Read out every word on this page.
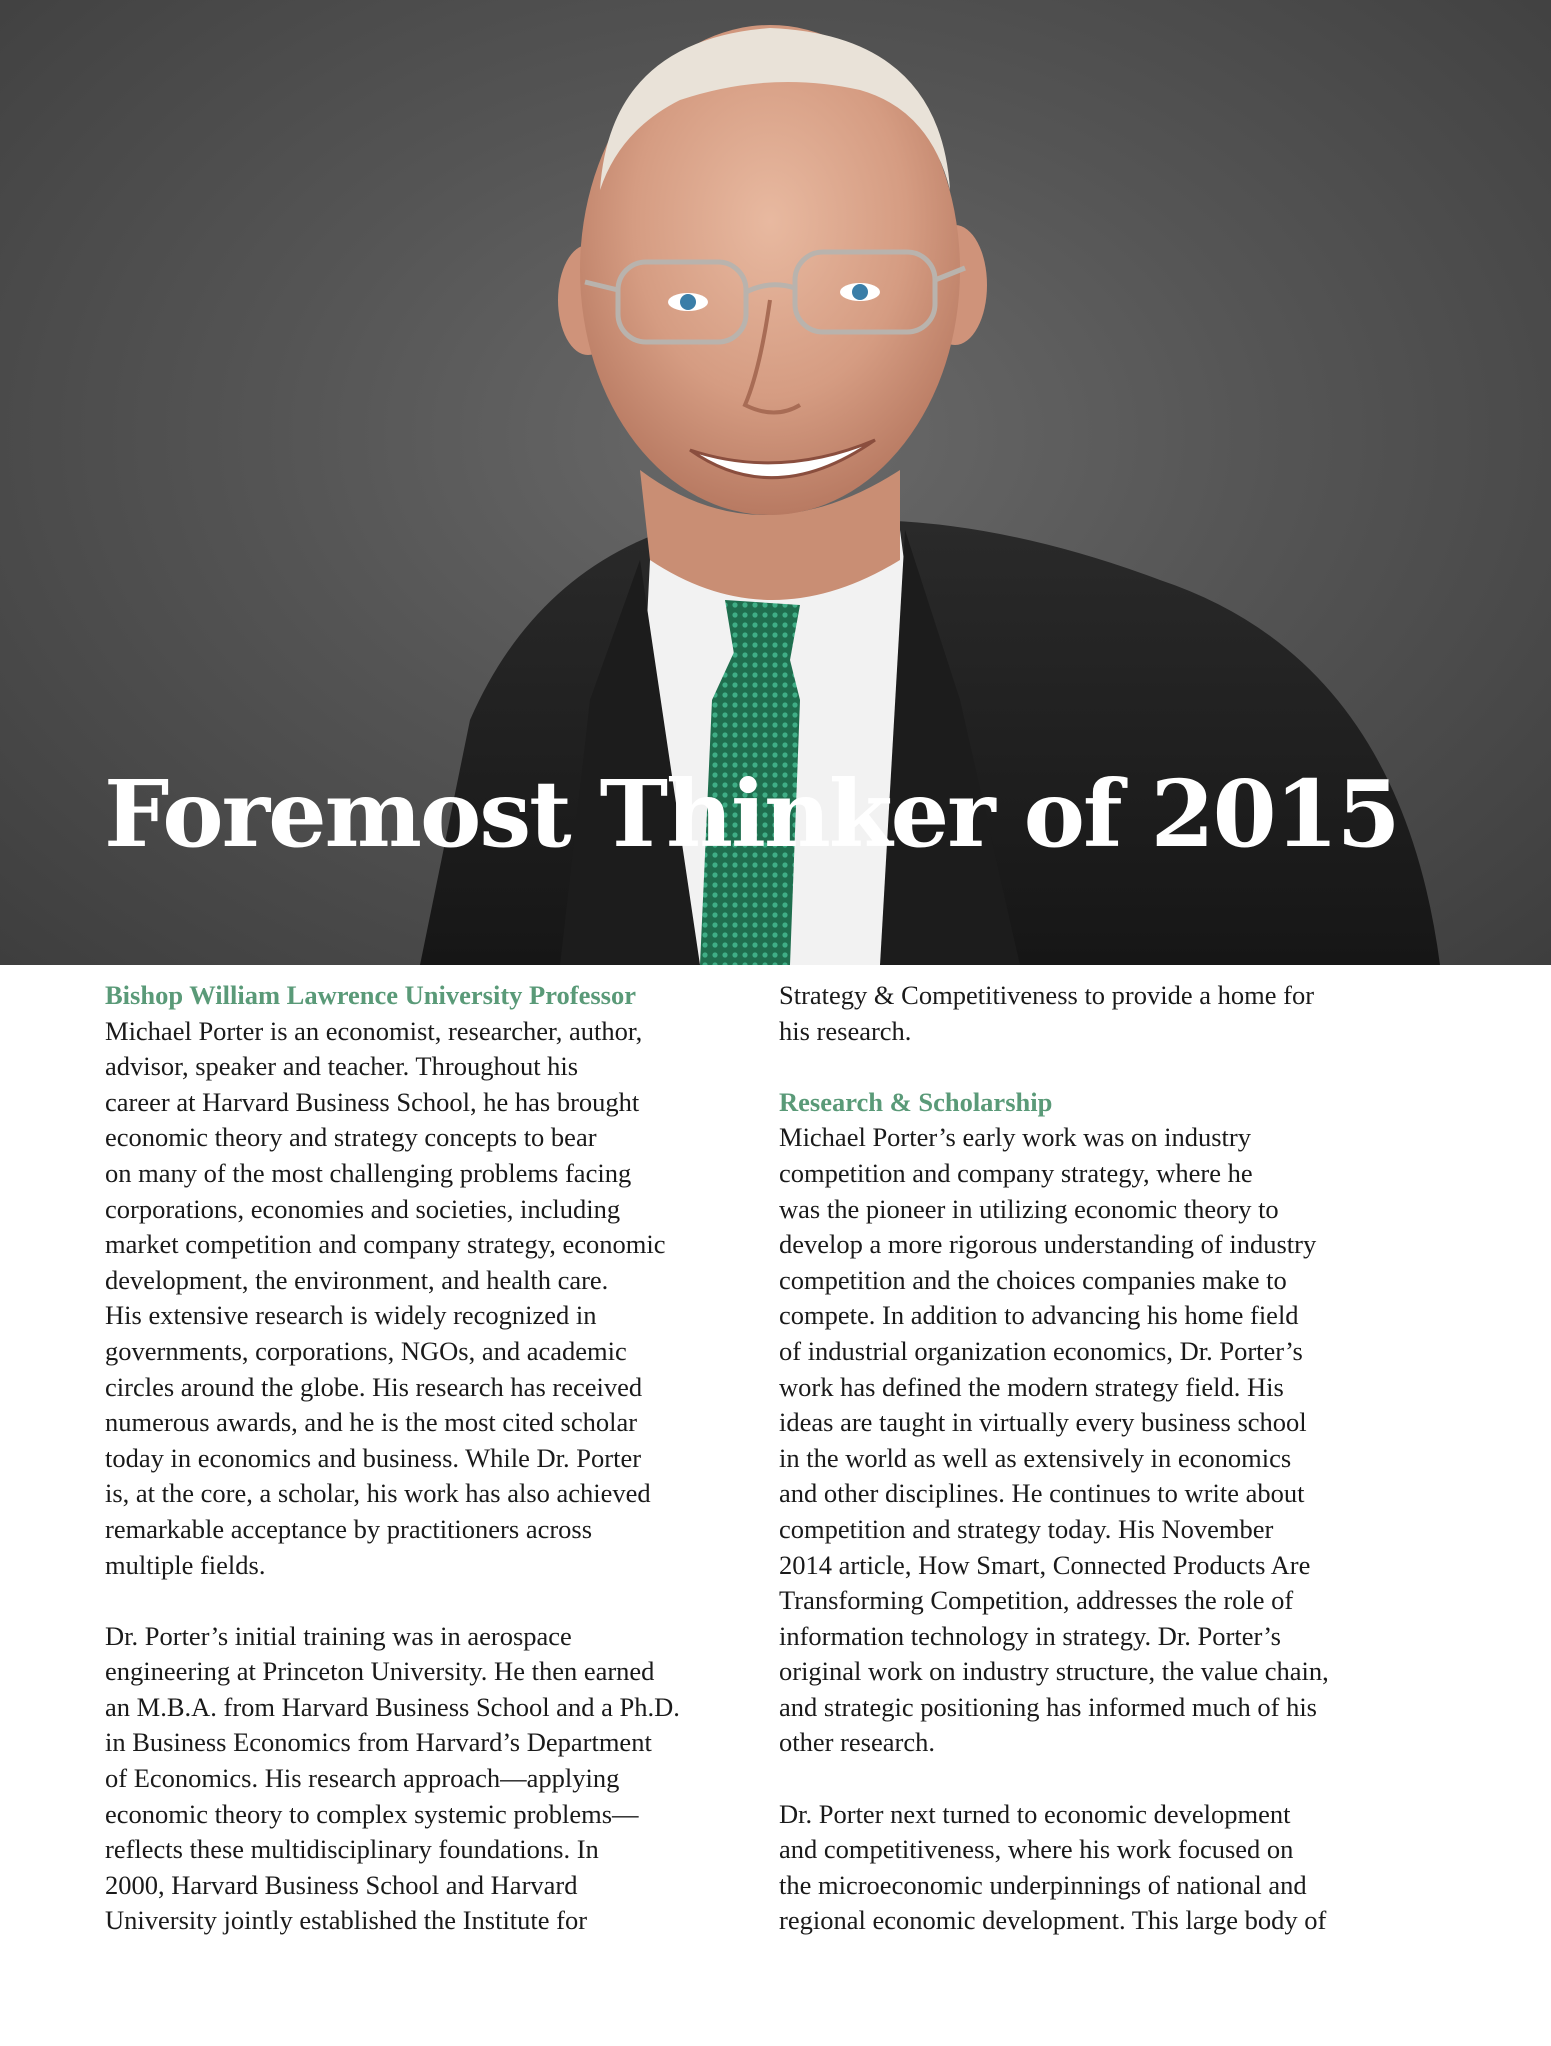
Foremost Thinker of 2015
Bishop William Lawrence University Professor

Michael Porter is an economist, researcher, author,
advisor, speaker and teacher. Throughout his
career at Harvard Business School, he has brought
economic theory and strategy concepts to bear
on many of the most challenging problems facing
corporations, economies and societies, including
market competition and company strategy, economic
development, the environment, and health care.
His extensive research is widely recognized in
governments, corporations, NGOs, and academic
circles around the globe. His research has received
numerous awards, and he is the most cited scholar
today in economics and business. While Dr. Porter
is, at the core, a scholar, his work has also achieved
remarkable acceptance by practitioners across
multiple fields.

Dr. Porter’s initial training was in aerospace
engineering at Princeton University. He then earned
an M.B.A. from Harvard Business School and a Ph.D.
in Business Economics from Harvard’s Department
of Economics. His research approach—applying
economic theory to complex systemic problems—
reflects these multidisciplinary foundations. In
2000, Harvard Business School and Harvard
University jointly established the Institute for

Strategy & Competitiveness to provide a home for
his research.

Research & Scholarship

Michael Porter’s early work was on industry
competition and company strategy, where he
was the pioneer in utilizing economic theory to
develop a more rigorous understanding of industry
competition and the choices companies make to
compete. In addition to advancing his home field
of industrial organization economics, Dr. Porter’s
work has defined the modern strategy field. His
ideas are taught in virtually every business school
in the world as well as extensively in economics
and other disciplines. He continues to write about
competition and strategy today. His November
2014 article, How Smart, Connected Products Are
Transforming Competition, addresses the role of
information technology in strategy. Dr. Porter’s
original work on industry structure, the value chain,
and strategic positioning has informed much of his
other research.

Dr. Porter next turned to economic development
and competitiveness, where his work focused on
the microeconomic underpinnings of national and
regional economic development. This large body of
